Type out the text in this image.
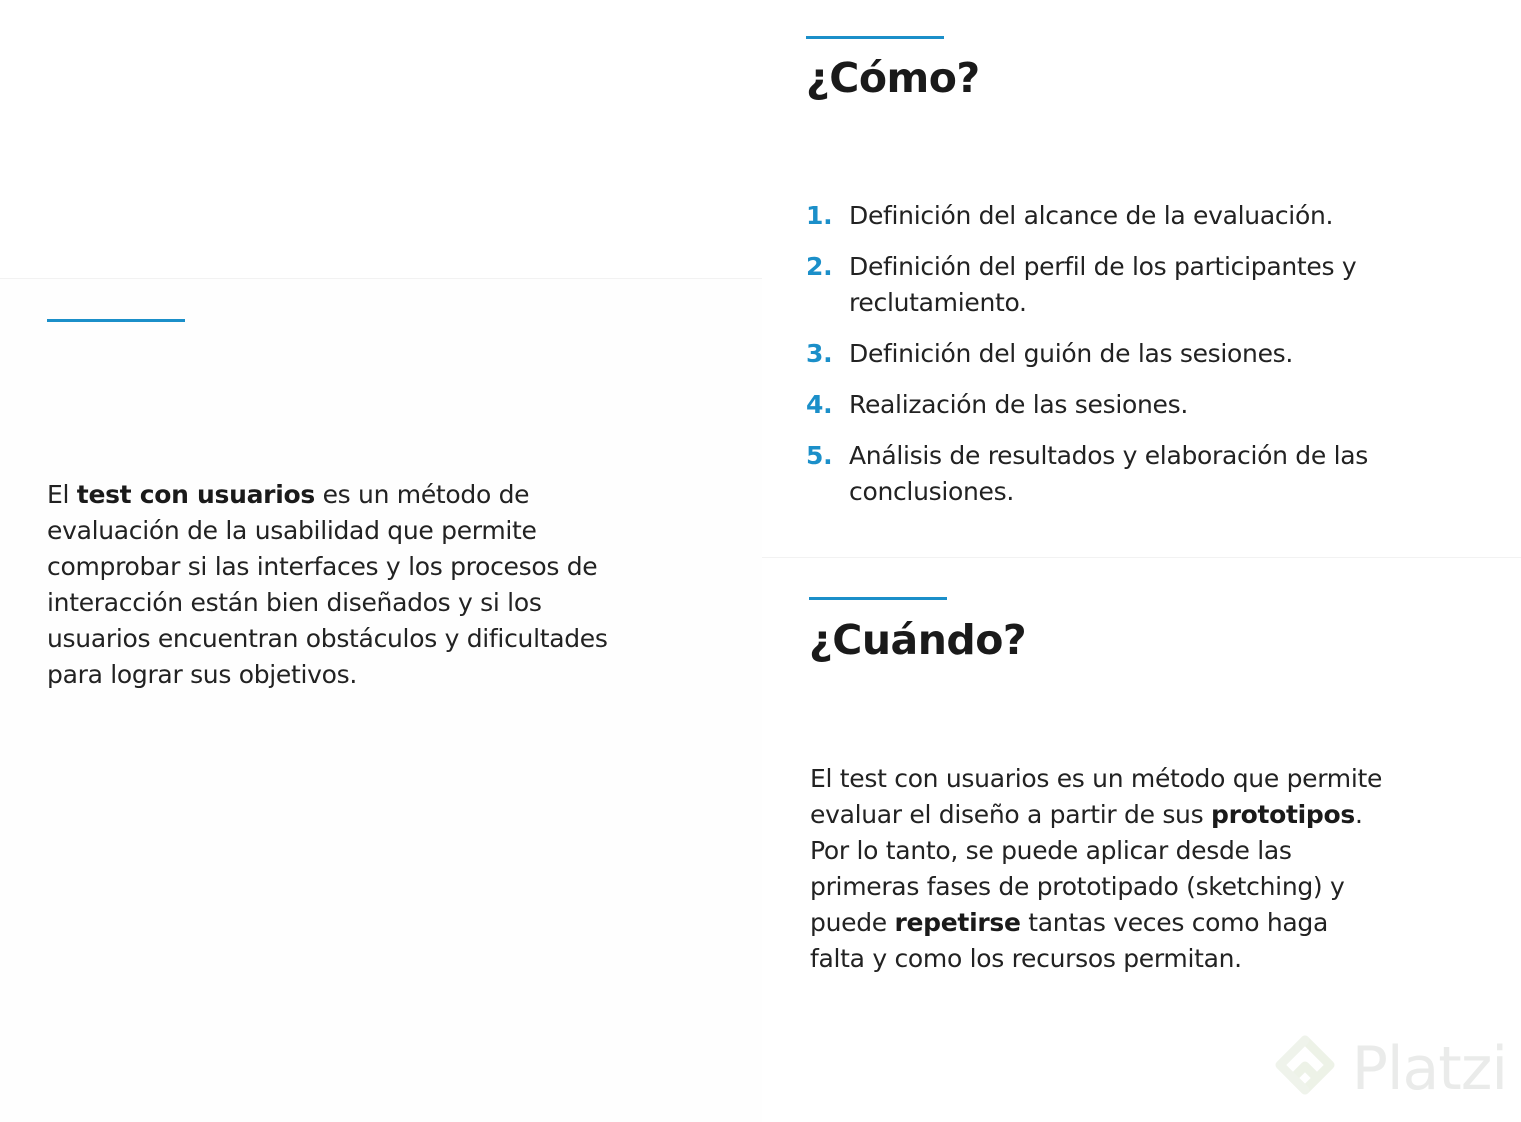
El test con usuarios es un método de evaluación de la usabilidad que permite comprobar si las interfaces y los procesos de interacción están bien diseñados y si los usuarios encuentran obstáculos y dificultades para lograr sus objetivos.

¿Cómo?
1. Definición del alcance de la evaluación.
2. Definición del perfil de los participantes y reclutamiento.
3. Definición del guión de las sesiones.
4. Realización de las sesiones.
5. Análisis de resultados y elaboración de las conclusiones.
¿Cuándo?

El test con usuarios es un método que permite evaluar el diseño a partir de sus prototipos. Por lo tanto, se puede aplicar desde las primeras fases de prototipado (sketching) y puede repetirse tantas veces como haga falta y como los recursos permitan.

Platzi
